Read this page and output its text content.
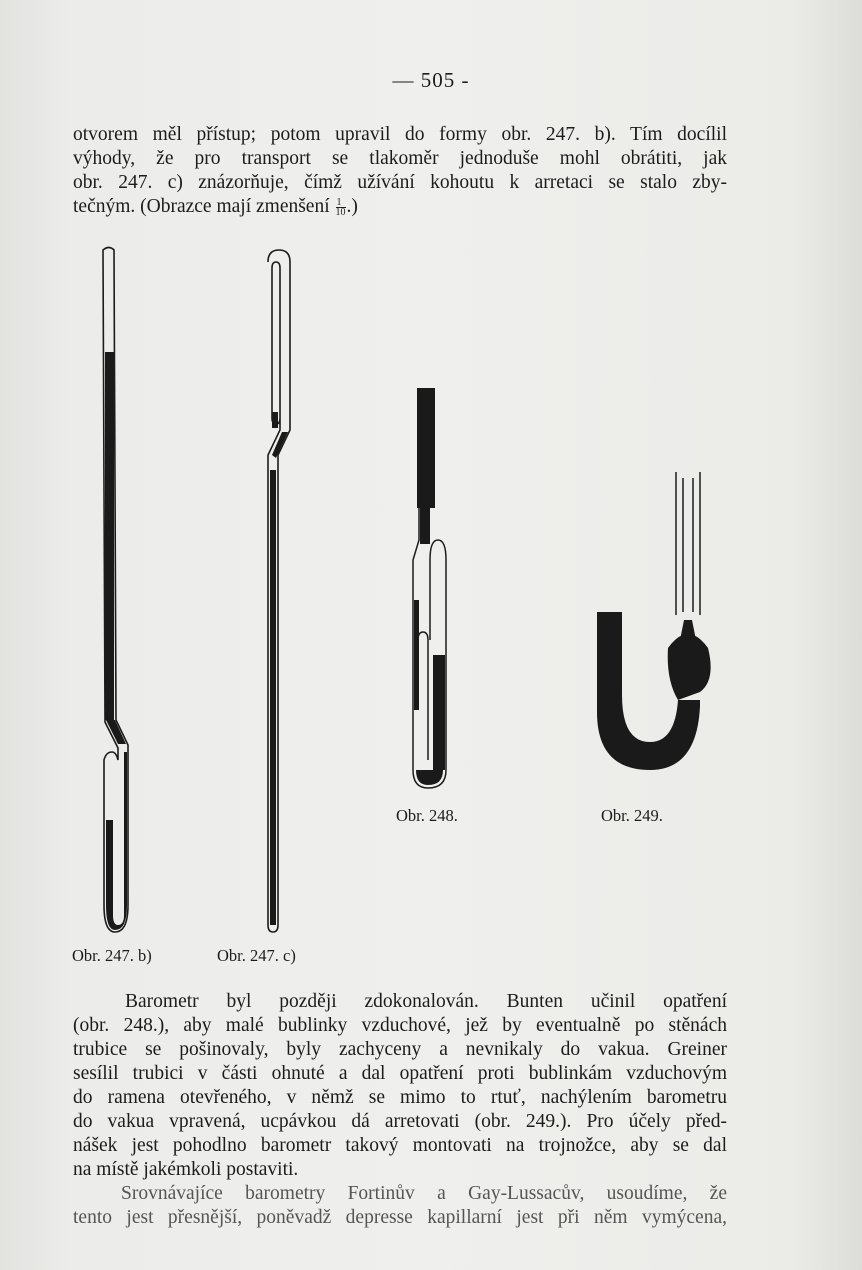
— 505 -
otvorem měl přístup; potom upravil do formy obr. 247. b). Tím docílil
výhody, že pro transport se tlakoměr jednoduše mohl obrátiti, jak
obr. 247. c) znázorňuje, čímž užívání kohoutu k arretaci se stalo zby-
tečným. (Obrazce mají zmenšení $\frac{1}{10}$ .)
Obr. 247. b)	Obr. 247. c)
Obr. 248.	Obr. 249.
Barometr byl později zdokonalován. Bunten učinil opatření
(obr. 248.), aby malé bublinky vzduchové, jež by eventualně po stěnách
trubice se pošinovaly, byly zachyceny a nevnikaly do vakua. Greiner
sesílil trubici v části ohnuté a dal opatření proti bublinkám vzduchovým
do ramena otevřeného, v němž se mimo to rtuť, nachýlením barometru
do vakua vpravená, ucpávkou dá arretovati (obr. 249.). Pro účely před-
nášek jest pohodlno barometr takový montovati na trojnožce, aby se dal
na místě jakémkoli postaviti.
Srovnávajíce barometry Fortinův a Gay-Lussacův, usoudíme, že
tento jest přesnější, poněvadž depresse kapillarní jest při něm vymýcena,
